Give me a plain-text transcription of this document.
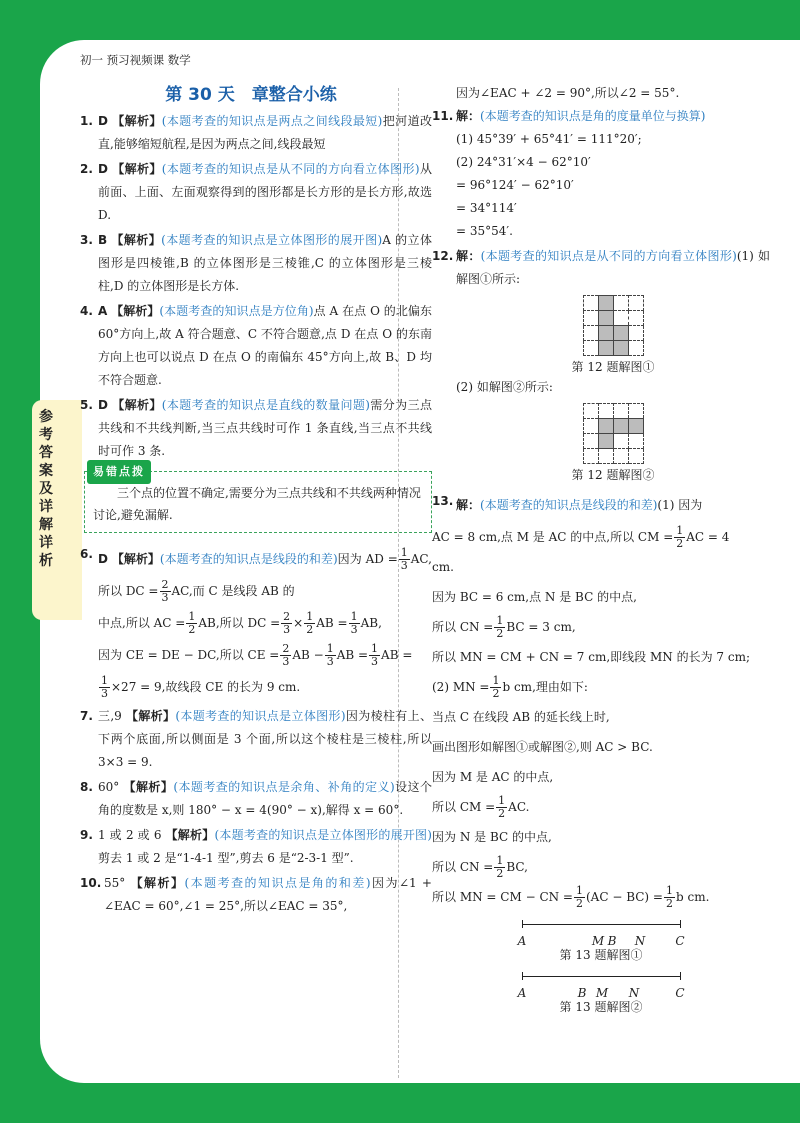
初一 预习视频课 数学
参考答案及详解详析
第 30 天　章整合小练
1. D 【解析】(本题考查的知识点是两点之间线段最短)把河道改直,能够缩短航程,是因为两点之间,线段最短
2. D 【解析】(本题考查的知识点是从不同的方向看立体图形)从前面、上面、左面观察得到的图形都是长方形的是长方形,故选 D.
3. B 【解析】(本题考查的知识点是立体图形的展开图)A 的立体图形是四棱锥,B 的立体图形是三棱锥,C 的立体图形是三棱柱,D 的立体图形是长方体.
4. A 【解析】(本题考查的知识点是方位角)点 A 在点 O 的北偏东 60°方向上,故 A 符合题意、C 不符合题意,点 D 在点 O 的东南方向上也可以说点 D 在点 O 的南偏东 45°方向上,故 B、D 均不符合题意.
5. D 【解析】(本题考查的知识点是直线的数量问题)需分为三点共线和不共线判断,当三点共线时可作 1 条直线,当三点不共线时可作 3 条.
易错点拨
三个点的位置不确定,需要分为三点共线和不共线两种情况讨论,避免漏解.
6. D 【解析】(本题考查的知识点是线段的和差)因为 AD = $\frac{1}{3}$ AC,所以 DC = $\frac{2}{3}$ AC,而 C 是线段 AB 的
中点,所以 AC = $\frac{1}{2}$ AB,所以 DC = $\frac{2}{3} \times \frac{1}{2}$ AB = $\frac{1}{3}$ AB,
因为 CE = DE − DC,所以 CE = $\frac{2}{3}$ AB − $\frac{1}{3}$ AB = $\frac{1}{3}$ AB =

$\frac{1}{3} \times 27 = 9$,故线段 CE 的长为 9 cm.
7. 三,9 【解析】(本题考查的知识点是立体图形)因为棱柱有上、下两个底面,所以侧面是 3 个面,所以这个棱柱是三棱柱,所以 3×3 = 9.
8. 60° 【解析】(本题考查的知识点是余角、补角的定义)设这个角的度数是 x,则 180° − x = 4(90° − x),解得 x = 60°.
9. 1 或 2 或 6 【解析】(本题考查的知识点是立体图形的展开图)剪去 1 或 2 是“1-4-1 型”,剪去 6 是“2-3-1 型”.
10. 55° 【解析】(本题考查的知识点是角的和差)因为∠1 + ∠EAC = 60°,∠1 = 25°,所以∠EAC = 35°,
因为∠EAC + ∠2 = 90°,所以∠2 = 55°.
11. 解：(本题考查的知识点是角的度量单位与换算)
(1) 45°39′ + 65°41′ = 111°20′;
(2) 24°31′×4 − 62°10′
= 96°124′ − 62°10′
= 34°114′
= 35°54′.
12. 解：(本题考查的知识点是从不同的方向看立体图形)(1) 如解图①所示:

第 12 题解图①
(2) 如解图②所示:

第 12 题解图②
13. 解：(本题考查的知识点是线段的和差)(1) 因为
AC = 8 cm,点 M 是 AC 的中点,所以 CM = $\frac{1}{2}$ AC = 4
cm.
因为 BC = 6 cm,点 N 是 BC 的中点,
所以 CN = $\frac{1}{2}$ BC = 3 cm,
所以 MN = CM + CN = 7 cm,即线段 MN 的长为 7 cm;
(2) MN = $\frac{1}{2}$ b cm,理由如下:
当点 C 在线段 AB 的延长线上时,
画出图形如解图①或解图②,则 AC > BC.
因为 M 是 AC 的中点,
所以 CM = $\frac{1}{2}$ AC.
因为 N 是 BC 的中点,
所以 CN = $\frac{1}{2}$ BC,
所以 MN = CM − CN = $\frac{1}{2} (AC - BC) = \frac{1}{2}$ b cm.
A	M B N	C
第 13 题解图①
A	B M N	C
第 13 题解图②
